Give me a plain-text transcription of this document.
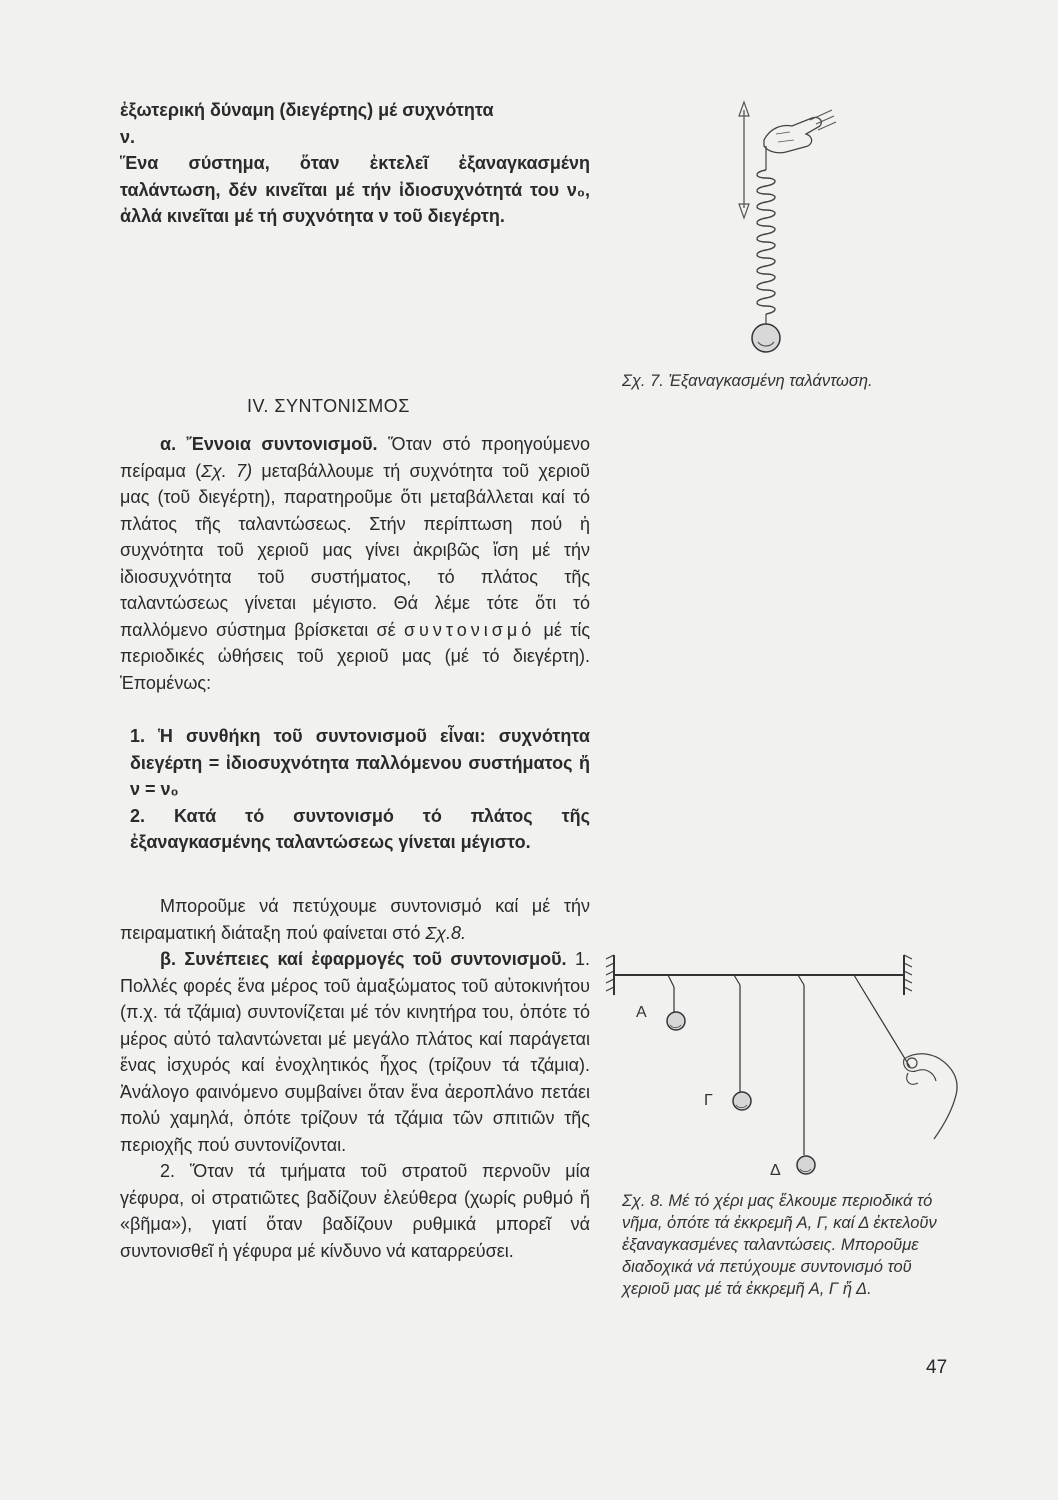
ἐξωτερική δύναμη (διεγέρτης) μέ συχνότητα

ν.

Ἕνα σύστημα, ὅταν ἐκτελεῖ ἐξαναγκασμένη ταλάντωση, δέν κινεῖται μέ τήν ἰδιοσυχνότητά του ν₀, ἀλλά κινεῖται μέ τή συχνότητα ν τοῦ διεγέρτη.

Σχ. 7. Ἐξαναγκασμένη ταλάντωση.
IV. ΣΥΝΤΟΝΙΣΜΟΣ
α. Ἔννοια συντονισμοῦ. Ὅταν στό προηγούμενο πείραμα (Σχ. 7) μεταβάλλουμε τή συχνότητα τοῦ χεριοῦ μας (τοῦ διεγέρτη), παρατηροῦμε ὅτι μεταβάλλεται καί τό πλάτος τῆς ταλαντώσεως. Στήν περίπτωση πού ἡ συχνότητα τοῦ χεριοῦ μας γίνει ἀκριβῶς ἴση μέ τήν ἰδιοσυχνότητα τοῦ συστήματος, τό πλάτος τῆς ταλαντώσεως γίνεται μέγιστο. Θά λέμε τότε ὅτι τό παλλόμενο σύστημα βρίσκεται σέ συντονισμό μέ τίς περιοδικές ὠθήσεις τοῦ χεριοῦ μας (μέ τό διεγέρτη). Ἑπομένως:

1. Ἡ συνθήκη τοῦ συντονισμοῦ εἶναι: συχνότητα διεγέρτη = ἰδιοσυχνότητα παλλόμενου συστήματος ἤ ν = ν₀

2. Κατά τό συντονισμό τό πλάτος τῆς ἐξαναγκασμένης ταλαντώσεως γίνεται μέγιστο.

Μποροῦμε νά πετύχουμε συντονισμό καί μέ τήν πειραματική διάταξη πού φαίνεται στό Σχ.8.

β. Συνέπειες καί ἐφαρμογές τοῦ συντονισμοῦ. 1. Πολλές φορές ἕνα μέρος τοῦ ἀμαξώματος τοῦ αὐτοκινήτου (π.χ. τά τζάμια) συντονίζεται μέ τόν κινητήρα του, ὁπότε τό μέρος αὐτό ταλαντώνεται μέ μεγάλο πλάτος καί παράγεται ἕνας ἰσχυρός καί ἐνοχλητικός ἦχος (τρίζουν τά τζάμια). Ἀνάλογο φαινόμενο συμβαίνει ὅταν ἕνα ἀεροπλάνο πετάει πολύ χαμηλά, ὁπότε τρίζουν τά τζάμια τῶν σπιτιῶν τῆς περιοχῆς πού συντονίζονται.

2. Ὅταν τά τμήματα τοῦ στρατοῦ περνοῦν μία γέφυρα, οἱ στρατιῶτες βαδίζουν ἐλεύθερα (χωρίς ρυθμό ἤ «βῆμα»), γιατί ὅταν βαδίζουν ρυθμικά μπορεῖ νά συντονισθεῖ ἡ γέφυρα μέ κίνδυνο νά καταρρεύσει.

Α
Γ
Δ
Σχ. 8. Μέ τό χέρι μας ἕλκουμε περιοδικά τό νῆμα, ὁπότε τά ἐκκρεμῆ Α, Γ, καί Δ ἐκτελοῦν ἐξαναγκασμένες ταλαντώσεις. Μποροῦμε διαδοχικά νά πετύχουμε συντονισμό τοῦ χεριοῦ μας μέ τά ἐκκρεμῆ Α, Γ ἤ Δ.
47
